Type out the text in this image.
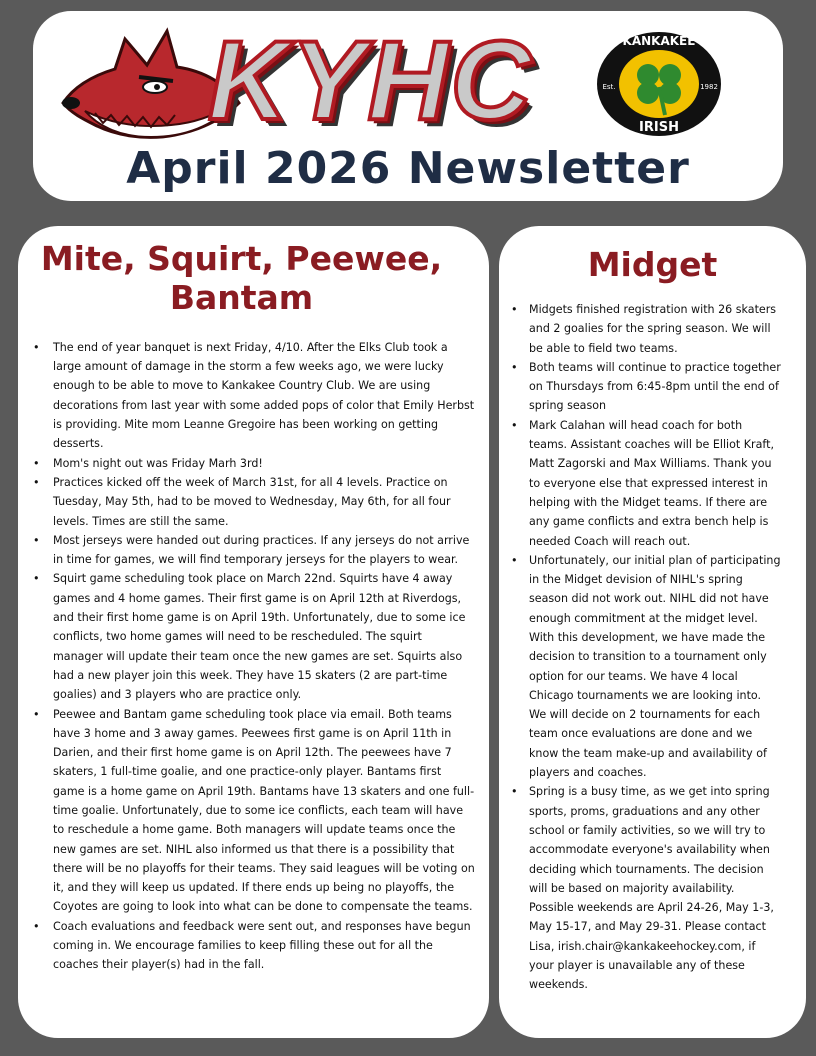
KYHC	KANKAKEE
IRISH
Est.	1982
April 2026 Newsletter
Mite, Squirt, Peewee, Bantam
• The end of year banquet is next Friday, 4/10. After the Elks Club took a large amount of damage in the storm a few weeks ago, we were lucky enough to be able to move to Kankakee Country Club. We are using decorations from last year with some added pops of color that Emily Herbst is providing. Mite mom Leanne Gregoire has been working on getting desserts.
• Mom's night out was Friday Marh 3rd!
• Practices kicked off the week of March 31st, for all 4 levels. Practice on Tuesday, May 5th, had to be moved to Wednesday, May 6th, for all four levels. Times are still the same.
• Most jerseys were handed out during practices. If any jerseys do not arrive in time for games, we will find temporary jerseys for the players to wear.
• Squirt game scheduling took place on March 22nd. Squirts have 4 away games and 4 home games. Their first game is on April 12th at Riverdogs, and their first home game is on April 19th. Unfortunately, due to some ice conflicts, two home games will need to be rescheduled. The squirt manager will update their team once the new games are set. Squirts also had a new player join this week. They have 15 skaters (2 are part-time goalies) and 3 players who are practice only.
• Peewee and Bantam game scheduling took place via email. Both teams have 3 home and 3 away games. Peewees first game is on April 11th in Darien, and their first home game is on April 12th. The peewees have 7 skaters, 1 full-time goalie, and one practice-only player. Bantams first game is a home game on April 19th. Bantams have 13 skaters and one full-time goalie. Unfortunately, due to some ice conflicts, each team will have to reschedule a home game. Both managers will update teams once the new games are set. NIHL also informed us that there is a possibility that there will be no playoffs for their teams. They said leagues will be voting on it, and they will keep us updated. If there ends up being no playoffs, the Coyotes are going to look into what can be done to compensate the teams.
• Coach evaluations and feedback were sent out, and responses have begun coming in. We encourage families to keep filling these out for all the coaches their player(s) had in the fall.
Midget
• Midgets finished registration with 26 skaters and 2 goalies for the spring season. We will be able to field two teams.
• Both teams will continue to practice together on Thursdays from 6:45-8pm until the end of spring season
• Mark Calahan will head coach for both teams. Assistant coaches will be Elliot Kraft, Matt Zagorski and Max Williams. Thank you to everyone else that expressed interest in helping with the Midget teams. If there are any game conflicts and extra bench help is needed Coach will reach out.
• Unfortunately, our initial plan of participating in the Midget devision of NIHL's spring season did not work out. NIHL did not have enough commitment at the midget level. With this development, we have made the decision to transition to a tournament only option for our teams. We have 4 local Chicago tournaments we are looking into. We will decide on 2 tournaments for each team once evaluations are done and we know the team make-up and availability of players and coaches.
• Spring is a busy time, as we get into spring sports, proms, graduations and any other school or family activities, so we will try to accommodate everyone's availability when deciding which tournaments. The decision will be based on majority availability. Possible weekends are April 24-26, May 1-3, May 15-17, and May 29-31. Please contact Lisa, irish.chair@kankakeehockey.com, if your player is unavailable any of these weekends.
